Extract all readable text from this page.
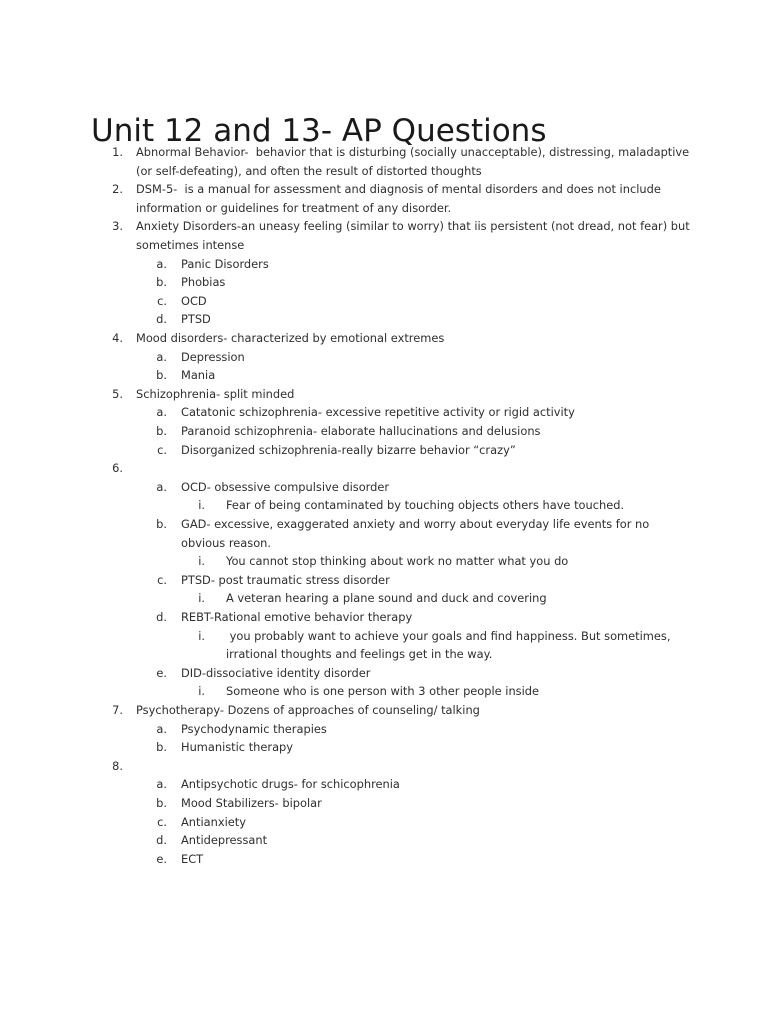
Unit 12 and 13- AP Questions
1. Abnormal Behavior-  behavior that is disturbing (socially unacceptable), distressing, maladaptive
(or self-defeating), and often the result of distorted thoughts
2. DSM-5-  is a manual for assessment and diagnosis of mental disorders and does not include
information or guidelines for treatment of any disorder.
3. Anxiety Disorders-an uneasy feeling (similar to worry) that iis persistent (not dread, not fear) but
sometimes intense
a. Panic Disorders
b. Phobias
c. OCD
d. PTSD
4. Mood disorders- characterized by emotional extremes
a. Depression
b. Mania
5. Schizophrenia- split minded
a. Catatonic schizophrenia- excessive repetitive activity or rigid activity
b. Paranoid schizophrenia- elaborate hallucinations and delusions
c. Disorganized schizophrenia-really bizarre behavior “crazy”
6.
a. OCD- obsessive compulsive disorder
i. Fear of being contaminated by touching objects others have touched.
b. GAD- excessive, exaggerated anxiety and worry about everyday life events for no
obvious reason.
i. You cannot stop thinking about work no matter what you do
c. PTSD- post traumatic stress disorder
i. A veteran hearing a plane sound and duck and covering
d. REBT-Rational emotive behavior therapy
i. you probably want to achieve your goals and find happiness. But sometimes,
irrational thoughts and feelings get in the way.
e. DID-dissociative identity disorder
i. Someone who is one person with 3 other people inside
7. Psychotherapy- Dozens of approaches of counseling/ talking
a. Psychodynamic therapies
b. Humanistic therapy
8.
a. Antipsychotic drugs- for schicophrenia
b. Mood Stabilizers- bipolar
c. Antianxiety
d. Antidepressant
e. ECT
